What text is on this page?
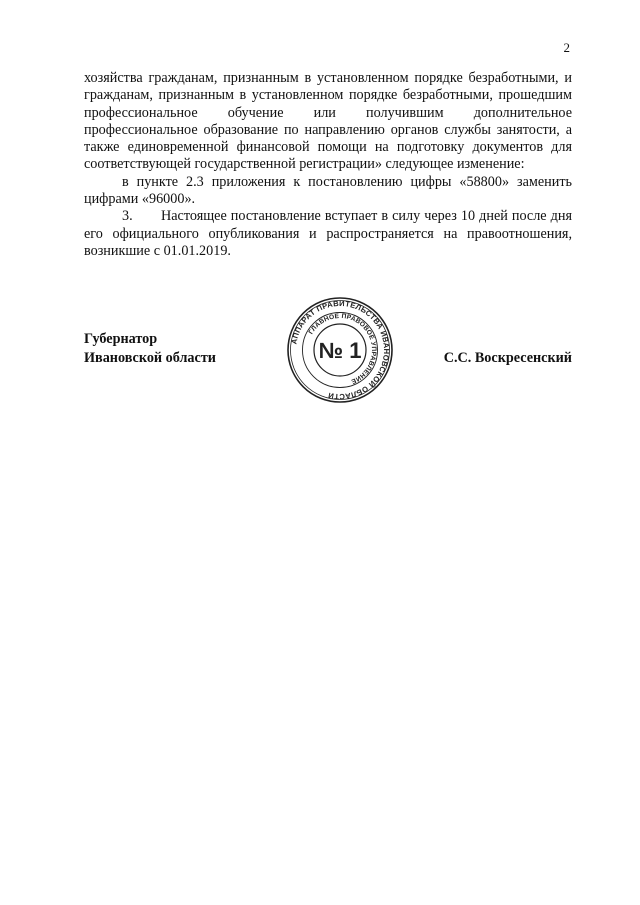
2

хозяйства гражданам, признанным в установленном порядке безработными, и гражданам, признанным в установленном порядке безработными, прошедшим профессиональное обучение или получившим дополнительное профессиональное образование по направлению органов службы занятости, а также единовременной финансовой помощи на подготовку документов для соответствующей государственной регистрации» следующее изменение:

в пункте 2.3 приложения к постановлению цифры «58800» заменить цифрами «96000».

3.       Настоящее постановление вступает в силу через 10 дней после дня его официального опубликования и распространяется на правоотношения, возникшие с 01.01.2019.

Губернатор
Ивановской области
АППАРАТ ПРАВИТЕЛЬСТВА ИВАНОВСКОЙ ОБЛАСТИ
ГЛАВНОЕ ПРАВОВОЕ УПРАВЛЕНИЕ
№ 1	С.С. Воскресенский
